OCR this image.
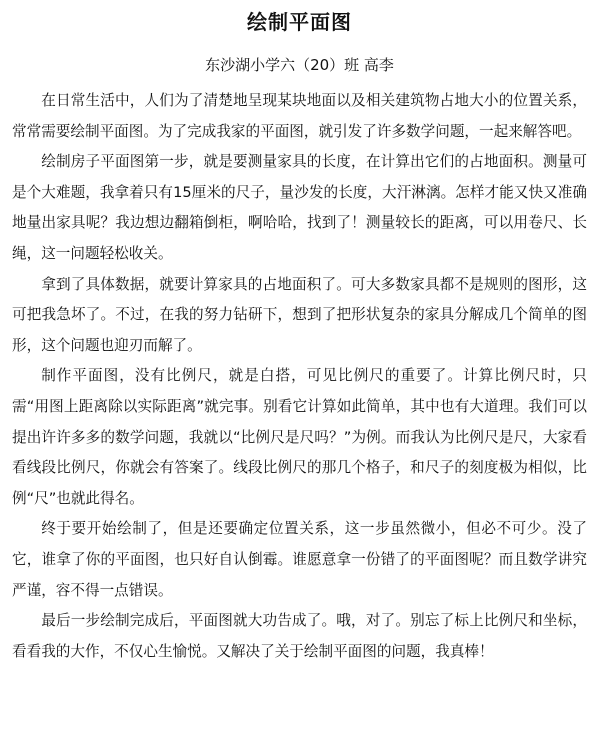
绘制平面图
东沙湖小学六（20）班 高李

在日常生活中，人们为了清楚地呈现某块地面以及相关建筑物占地大小的位置关系，常常需要绘制平面图。为了完成我家的平面图，就引发了许多数学问题，一起来解答吧。

绘制房子平面图第一步，就是要测量家具的长度，在计算出它们的占地面积。测量可是个大难题，我拿着只有15厘米的尺子，量沙发的长度，大汗淋漓。怎样才能又快又准确地量出家具呢？我边想边翻箱倒柜，啊哈哈，找到了！测量较长的距离，可以用卷尺、长绳，这一问题轻松收关。

拿到了具体数据，就要计算家具的占地面积了。可大多数家具都不是规则的图形，这可把我急坏了。不过，在我的努力钻研下，想到了把形状复杂的家具分解成几个简单的图形，这个问题也迎刃而解了。

制作平面图，没有比例尺，就是白搭，可见比例尺的重要了。计算比例尺时，只需“用图上距离除以实际距离”就完事。别看它计算如此简单，其中也有大道理。我们可以提出许许多多的数学问题，我就以“比例尺是尺吗？”为例。而我认为比例尺是尺，大家看看线段比例尺，你就会有答案了。线段比例尺的那几个格子，和尺子的刻度极为相似，比例“尺”也就此得名。

终于要开始绘制了，但是还要确定位置关系，这一步虽然微小，但必不可少。没了它，谁拿了你的平面图，也只好自认倒霉。谁愿意拿一份错了的平面图呢？而且数学讲究严谨，容不得一点错误。

最后一步绘制完成后，平面图就大功告成了。哦，对了。别忘了标上比例尺和坐标，看看我的大作，不仅心生愉悦。又解决了关于绘制平面图的问题，我真棒！
